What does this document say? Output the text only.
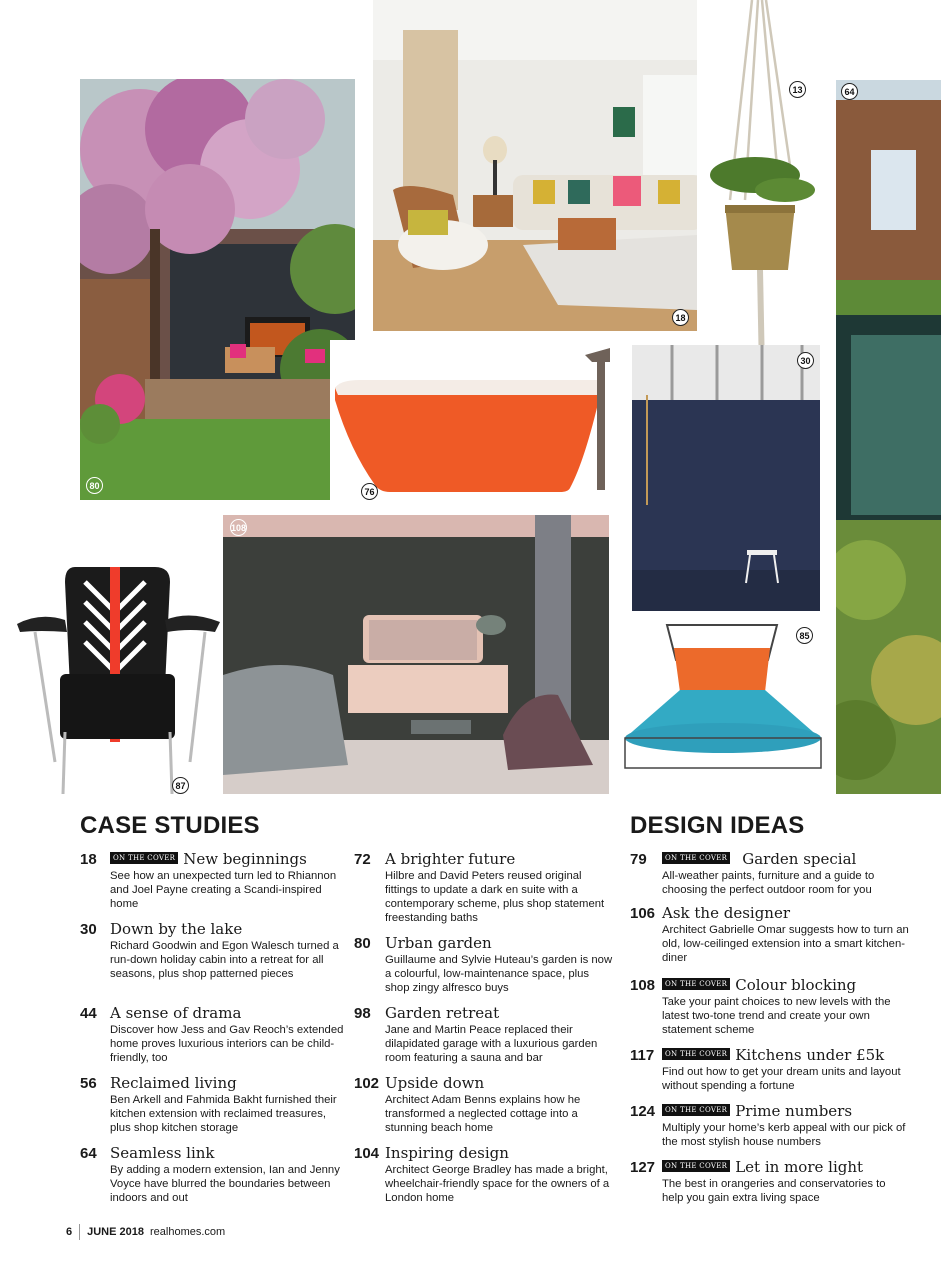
80
18
13	64
76
30
108
85
87
CASE STUDIES
18	ON THE COVER New beginnings
See how an unexpected turn led to Rhiannon and Joel Payne creating a Scandi-inspired home
30 Down by the lake
Richard Goodwin and Egon Walesch turned a run-down holiday cabin into a retreat for all seasons, plus shop patterned pieces
44 A sense of drama
Discover how Jess and Gav Reoch’s extended home proves luxurious interiors can be child-friendly, too
56 Reclaimed living
Ben Arkell and Fahmida Bakht furnished their kitchen extension with reclaimed treasures, plus shop kitchen storage
64 Seamless link
By adding a modern extension, Ian and Jenny Voyce have blurred the boundaries between indoors and out
72 A brighter future
Hilbre and David Peters reused original fittings to update a dark en suite with a contemporary scheme, plus shop statement freestanding baths
80 Urban garden
Guillaume and Sylvie Huteau’s garden is now a colourful, low-maintenance space, plus shop zingy alfresco buys
98 Garden retreat
Jane and Martin Peace replaced their dilapidated garage with a luxurious garden room featuring a sauna and bar
102 Upside down
Architect Adam Benns explains how he transformed a neglected cottage into a stunning beach home
104 Inspiring design
Architect George Bradley has made a bright, wheelchair-friendly space for the owners of a London home
DESIGN IDEAS
79	ON THE COVER Garden special
All-weather paints, furniture and a guide to choosing the perfect outdoor room for you
106 Ask the designer
Architect Gabrielle Omar suggests how to turn an old, low-ceilinged extension into a smart kitchen-diner
108	ON THE COVER Colour blocking
Take your paint choices to new levels with the latest two-tone trend and create your own statement scheme
117	ON THE COVER Kitchens under £5k
Find out how to get your dream units and layout without spending a fortune
124	ON THE COVER Prime numbers
Multiply your home’s kerb appeal with our pick of the most stylish house numbers
127	ON THE COVER Let in more light
The best in orangeries and conservatories to help you gain extra living space
6 JUNE 2018 realhomes.com
